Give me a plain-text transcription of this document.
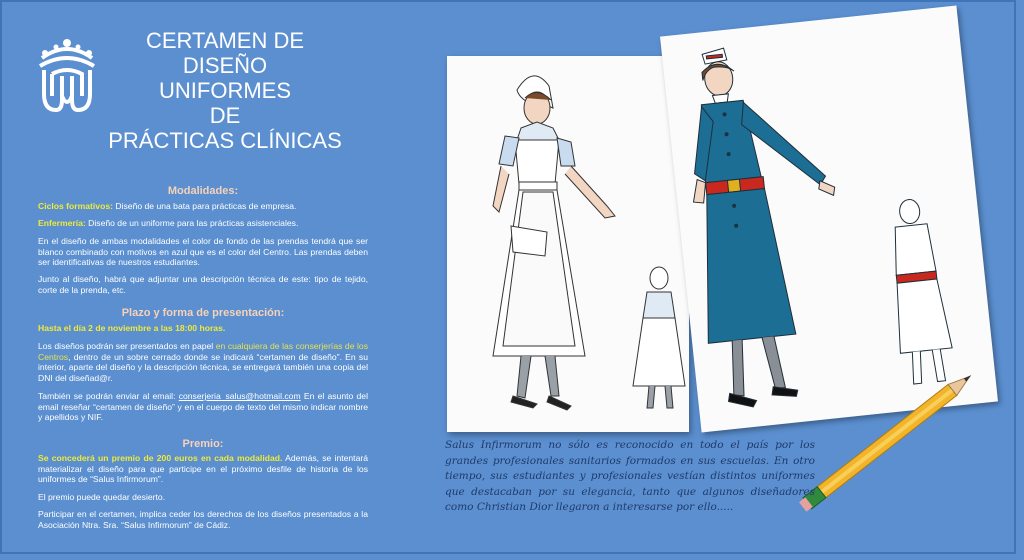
CERTAMEN DE
DISEÑO
UNIFORMES
DE
PRÁCTICAS CLÍNICAS
Modalidades:
Ciclos formativos: Diseño de una bata para prácticas de empresa.
Enfermería: Diseño de un uniforme para las prácticas asistenciales.
En el diseño de ambas modalidades el color de fondo de las prendas tendrá que ser blanco combinado con motivos en azul que es el color del Centro. Las prendas deben ser identificativas de nuestros estudiantes.
Junto al diseño, habrá que adjuntar una descripción técnica de este: tipo de tejido, corte de la prenda, etc.
Plazo y forma de presentación:
Hasta el día 2 de noviembre a las 18:00 horas.
Los diseños podrán ser presentados en papel en cualquiera de las conserjerías de los Centros, dentro de un sobre cerrado donde se indicará “certamen de diseño”. En su interior, aparte del diseño y la descripción técnica, se entregará también una copia del DNI del diseñad@r.
También se podrán enviar al email: conserjeria_salus@hotmail.com En el asunto del email reseñar “certamen de diseño” y en el cuerpo de texto del mismo indicar nombre y apellidos y NIF.
Premio:
Se concederá un premio de 200 euros en cada modalidad. Además, se intentará materializar el diseño para que participe en el próximo desfile de historia de los uniformes de “Salus Infirmorum”.
El premio puede quedar desierto.
Participar en el certamen, implica ceder los derechos de los diseños presentados a la Asociación Ntra. Sra. “Salus Infirmorum” de Cádiz.
Salus Infirmorum no sólo es reconocido en todo el país por los grandes profesionales sanitarios formados en sus escuelas. En otro tiempo, sus estudiantes y profesionales vestían distintos uniformes que destacaban por su elegancia, tanto que algunos diseñadores como Christian Dior llegaron a interesarse por ello.....
